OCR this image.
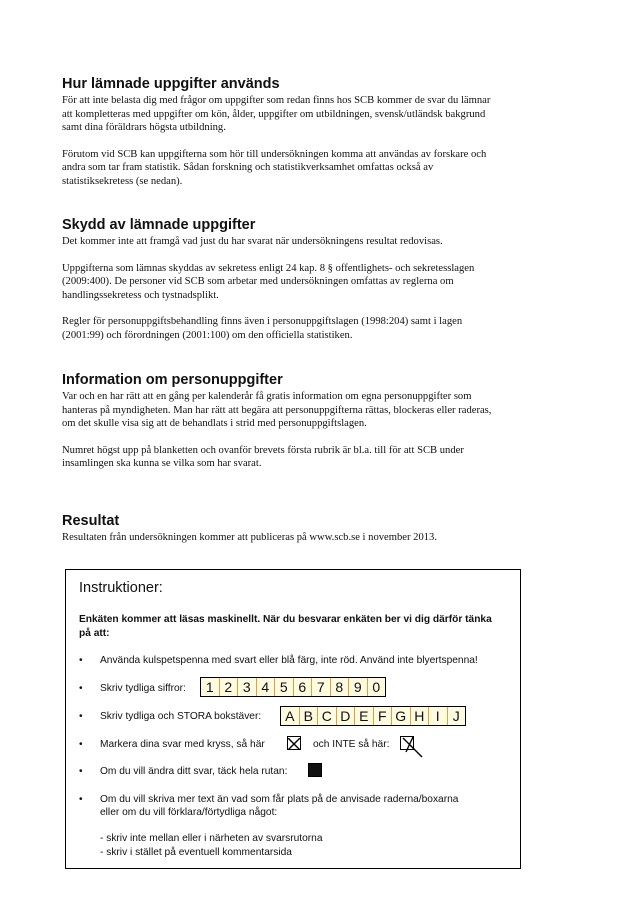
Hur lämnade uppgifter används

För att inte belasta dig med frågor om uppgifter som redan finns hos SCB kommer de svar du lämnar att kompletteras med uppgifter om kön, ålder, uppgifter om utbildningen, svensk/utländsk bakgrund samt dina föräldrars högsta utbildning.

Förutom vid SCB kan uppgifterna som hör till undersökningen komma att användas av forskare och andra som tar fram statistik. Sådan forskning och statistikverksamhet omfattas också av statistiksekretess (se nedan).

Skydd av lämnade uppgifter

Det kommer inte att framgå vad just du har svarat när undersökningens resultat redovisas.

Uppgifterna som lämnas skyddas av sekretess enligt 24 kap. 8 § offentlighets- och sekretesslagen (2009:400). De personer vid SCB som arbetar med undersökningen omfattas av reglerna om handlingssekretess och tystnadsplikt.

Regler för personuppgiftsbehandling finns även i personuppgiftslagen (1998:204) samt i lagen (2001:99) och förordningen (2001:100) om den officiella statistiken.

Information om personuppgifter

Var och en har rätt att en gång per kalenderår få gratis information om egna personuppgifter som hanteras på myndigheten. Man har rätt att begära att personuppgifterna rättas, blockeras eller raderas, om det skulle visa sig att de behandlats i strid med personuppgiftslagen.

Numret högst upp på blanketten och ovanför brevets första rubrik är bl.a. till för att SCB under insamlingen ska kunna se vilka som har svarat.

Resultat

Resultaten från undersökningen kommer att publiceras på www.scb.se i november 2013.

Instruktioner:
Enkäten kommer att läsas maskinellt. När du besvarar enkäten ber vi dig därför tänka på att:
•	Använda kulspetspenna med svart eller blå färg, inte röd. Använd inte blyertspenna!
•	Skriv tydliga siffror:	1 2 3 4 5 6 7 8 9 0
•	Skriv tydliga och STORA bokstäver: A B C D E F G H I J
•	Markera dina svar med kryss, så här	och INTE så här:
•	Om du vill ändra ditt svar, täck hela rutan:
•	Om du vill skriva mer text än vad som får plats på de anvisade raderna/boxarna
eller om du vill förklara/förtydliga något:
- skriv inte mellan eller i närheten av svarsrutorna
- skriv i stället på eventuell kommentarsida
